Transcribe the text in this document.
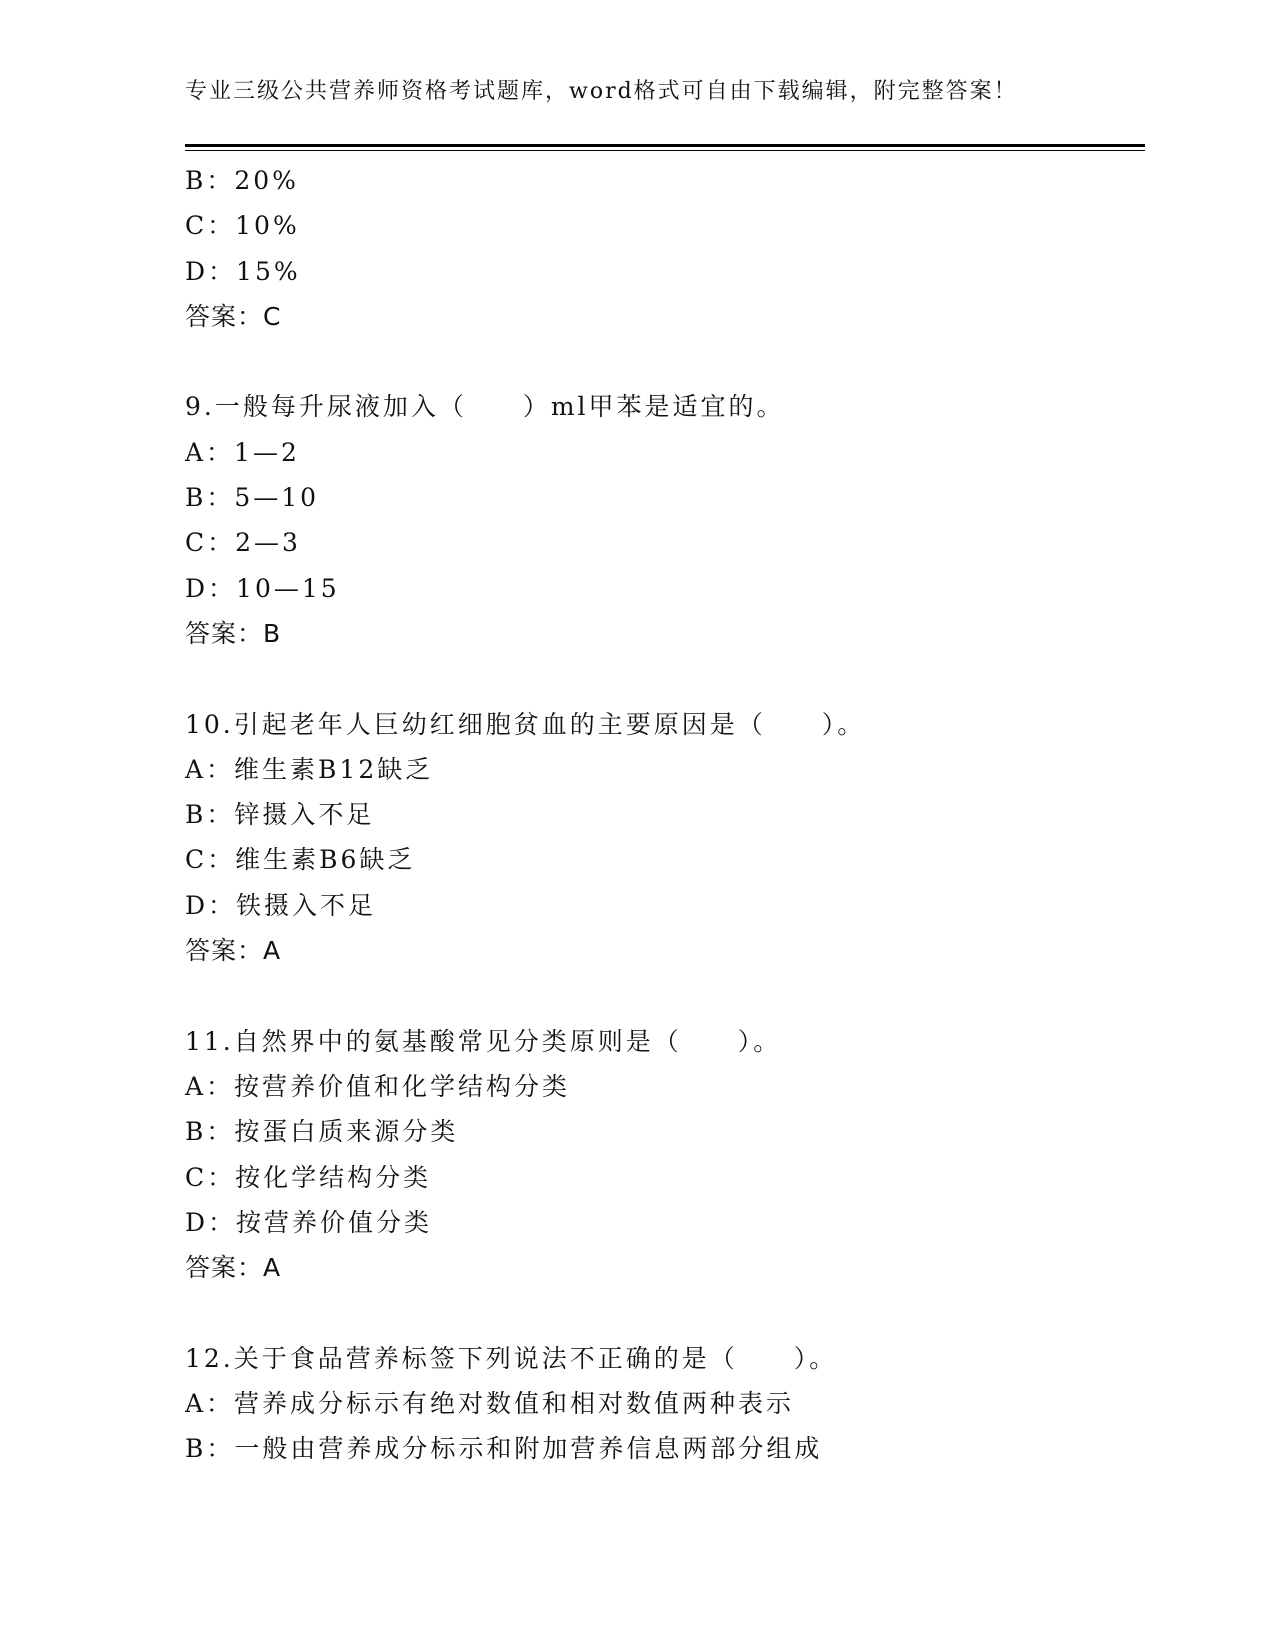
专业三级公共营养师资格考试题库，word格式可自由下载编辑，附完整答案！
B：20%
C：10%
D：15%
答案：C
9.一般每升尿液加入（　　）ml甲苯是适宜的。
A：1—2
B：5—10
C：2—3
D：10—15
答案：B
10.引起老年人巨幼红细胞贫血的主要原因是（　　）。
A：维生素B12缺乏
B：锌摄入不足
C：维生素B6缺乏
D：铁摄入不足
答案：A
11.自然界中的氨基酸常见分类原则是（　　）。
A：按营养价值和化学结构分类
B：按蛋白质来源分类
C：按化学结构分类
D：按营养价值分类
答案：A
12.关于食品营养标签下列说法不正确的是（　　）。
A：营养成分标示有绝对数值和相对数值两种表示
B：一般由营养成分标示和附加营养信息两部分组成
